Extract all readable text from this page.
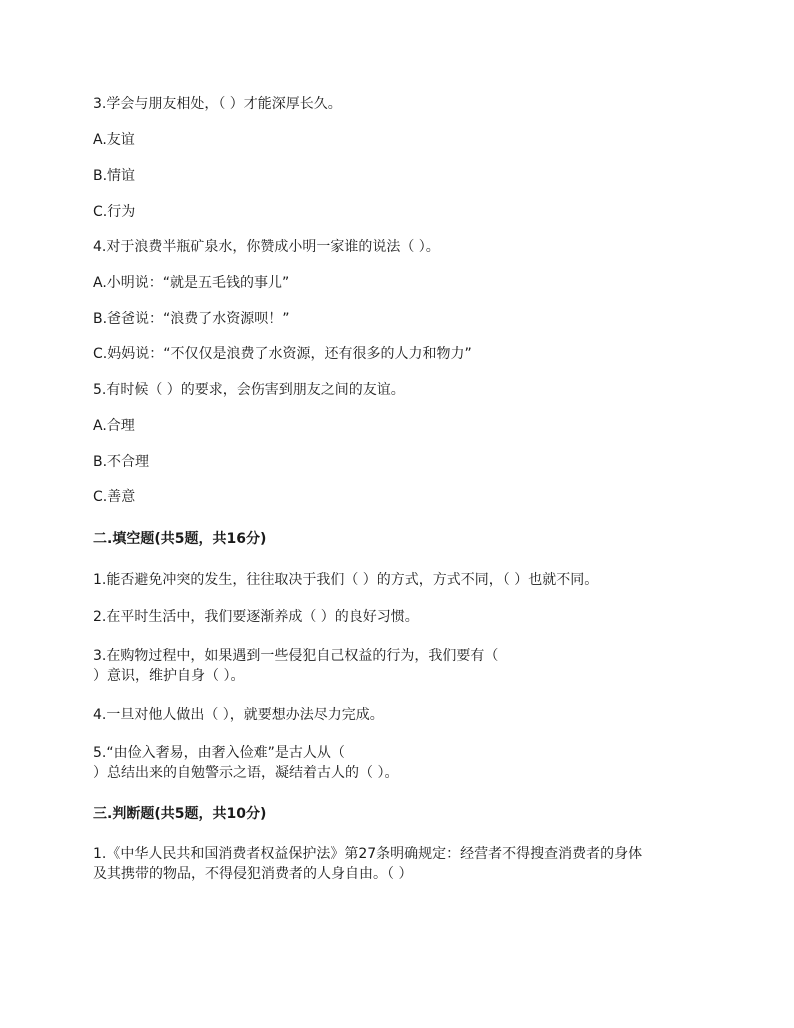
3.学会与朋友相处，（ ）才能深厚长久。
A.友谊
B.情谊
C.行为
4.对于浪费半瓶矿泉水，你赞成小明一家谁的说法（ ）。
A.小明说：“就是五毛钱的事儿”
B.爸爸说：“浪费了水资源呗！”
C.妈妈说：“不仅仅是浪费了水资源，还有很多的人力和物力”
5.有时候（ ）的要求，会伤害到朋友之间的友谊。
A.合理
B.不合理
C.善意
二.填空题(共5题，共16分)
1.能否避免冲突的发生，往往取决于我们（ ）的方式，方式不同，（ ）也就不同。
2.在平时生活中，我们要逐渐养成（ ）的良好习惯。
3.在购物过程中，如果遇到一些侵犯自己权益的行为，我们要有（
）意识，维护自身（ ）。
4.一旦对他人做出（ ），就要想办法尽力完成。
5.“由俭入奢易，由奢入俭难”是古人从（
）总结出来的自勉警示之语，凝结着古人的（ ）。
三.判断题(共5题，共10分)
1.《中华人民共和国消费者权益保护法》第27条明确规定：经营者不得搜查消费者的身体
及其携带的物品，不得侵犯消费者的人身自由。（ ）
